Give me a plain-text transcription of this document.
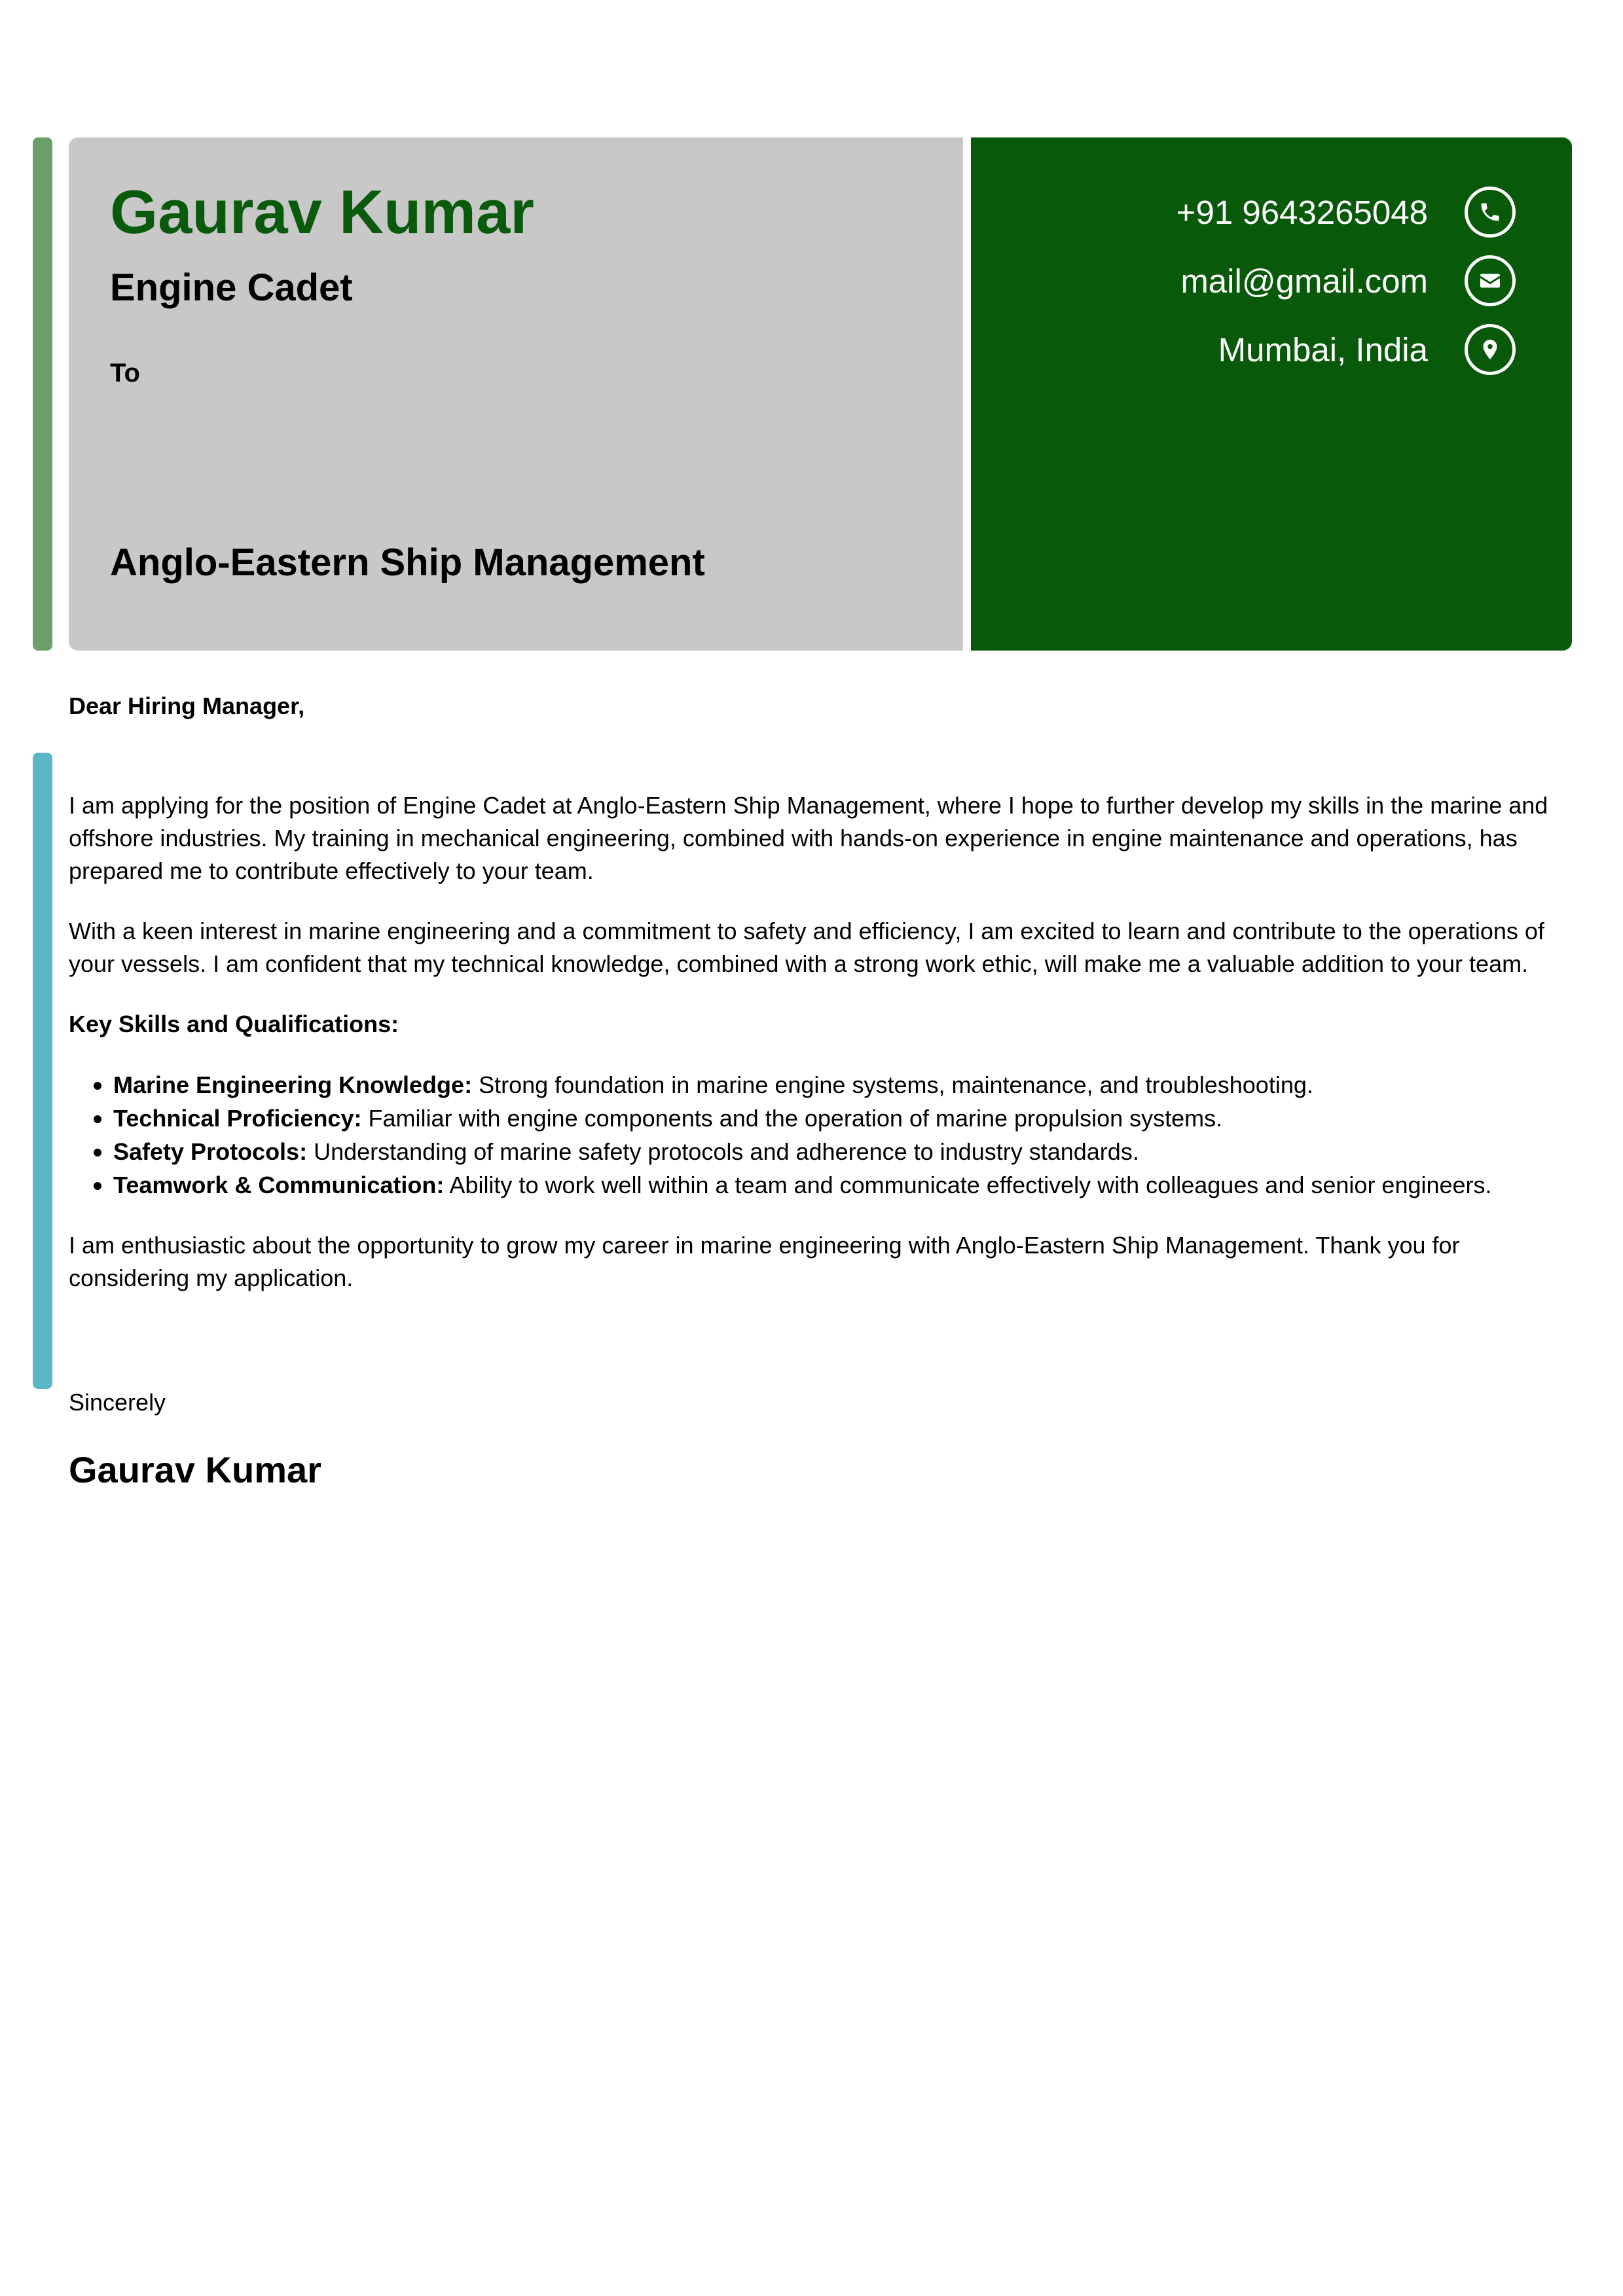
Gaurav Kumar
Engine Cadet
To
Anglo-Eastern Ship Management
+91 9643265048
mail@gmail.com
Mumbai, India
Dear Hiring Manager,

I am applying for the position of Engine Cadet at Anglo-Eastern Ship Management, where I hope to further develop my skills in the marine and offshore industries. My training in mechanical engineering, combined with hands-on experience in engine maintenance and operations, has prepared me to contribute effectively to your team.

With a keen interest in marine engineering and a commitment to safety and efficiency, I am excited to learn and contribute to the operations of your vessels. I am confident that my technical knowledge, combined with a strong work ethic, will make me a valuable addition to your team.

Key Skills and Qualifications:
• Marine Engineering Knowledge: Strong foundation in marine engine systems, maintenance, and troubleshooting.
• Technical Proficiency: Familiar with engine components and the operation of marine propulsion systems.
• Safety Protocols: Understanding of marine safety protocols and adherence to industry standards.
• Teamwork & Communication: Ability to work well within a team and communicate effectively with colleagues and senior engineers.

I am enthusiastic about the opportunity to grow my career in marine engineering with Anglo-Eastern Ship Management. Thank you for considering my application.

Sincerely
Gaurav Kumar
